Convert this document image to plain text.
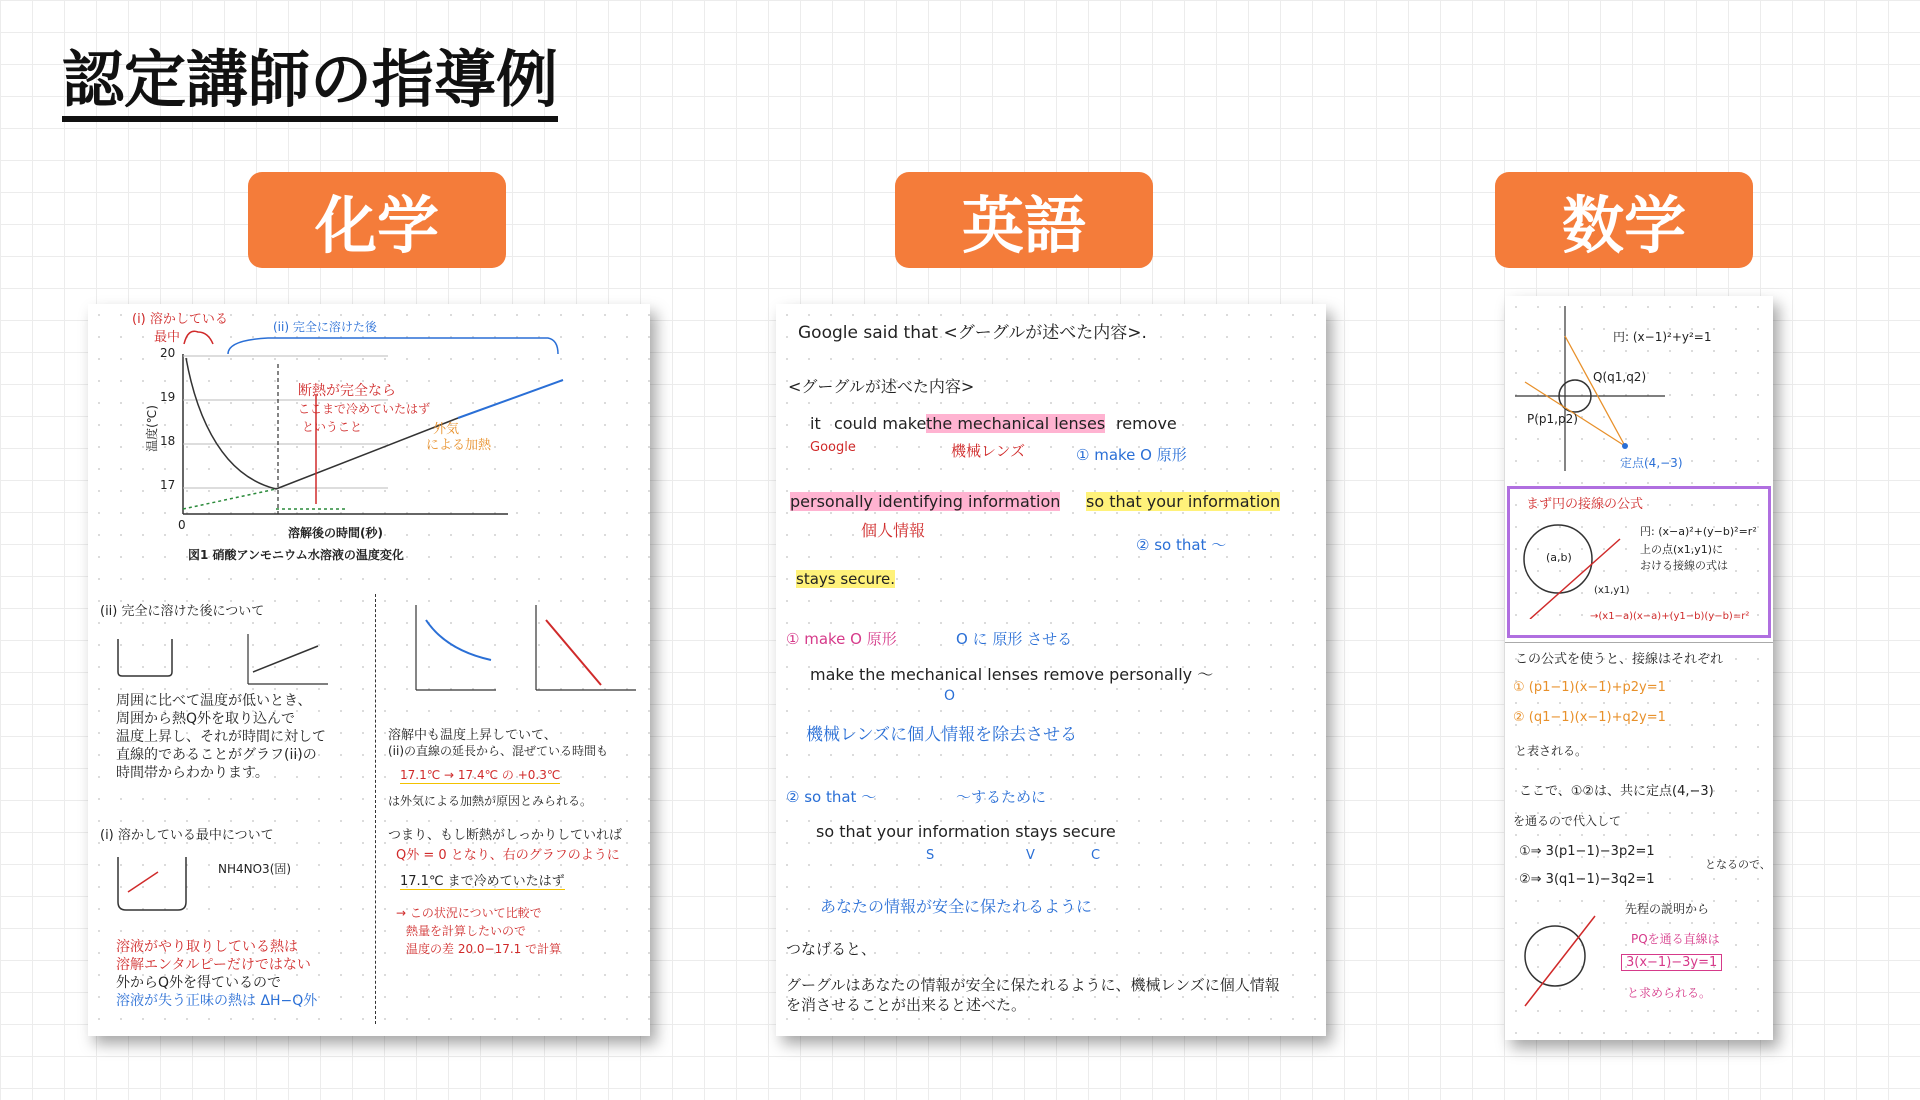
認定講師の指導例
化学	英語	数学
(i) 溶かしている
最中
(ii) 完全に溶けた後
断熱が完全なら
ここまで冷めていたはず
ということ	外気
による加熱
温度(℃)
20
19
18
17
0
溶解後の時間(秒)
図1 硝酸アンモニウム水溶液の温度変化
(ii) 完全に溶けた後について
周囲に比べて温度が低いとき、
周囲から熱Q外を取り込んで
温度上昇し、それが時間に対して
直線的であることがグラフ(ii)の
時間帯からわかります。
(i) 溶かしている最中について
NH4NO3(固)
溶液がやり取りしている熱は
溶解エンタルピーだけではない
外からQ外を得ているので
溶液が失う正味の熱は ΔH−Q外
溶解中も温度上昇していて、
(ii)の直線の延長から、混ぜている時間も
17.1℃ → 17.4℃ の +0.3℃
は外気による加熱が原因とみられる。
つまり、もし断熱がしっかりしていれば
Q外 = 0 となり、右のグラフのように
17.1℃ まで冷めていたはず
→ この状況について比較で
熱量を計算したいので
温度の差 20.0−17.1 で計算
Google said that <グーグルが述べた内容>.
<グーグルが述べた内容>
it could make the mechanical lenses remove
Google	機械レンズ	① make O 原形
personally identifying information so that your information
個人情報
② so that 〜
stays secure.
① make O 原形	O に 原形 させる
make the mechanical lenses remove personally 〜
O
機械レンズに個人情報を除去させる
② so that 〜	〜するために
so that your information stays secure
S	V	C
あなたの情報が安全に保たれるように
つなげると、
グーグルはあなたの情報が安全に保たれるように、機械レンズに個人情報
を消させることが出来ると述べた。
円: (x−1)²+y²=1
Q(q1,q2)
P(p1,p2)
定点(4,−3)
まず円の接線の公式
(a,b)
(x1,y1)
円: (x−a)²+(y−b)²=r²
上の点(x1,y1)に
おける接線の式は
→(x1−a)(x−a)+(y1−b)(y−b)=r²
この公式を使うと、接線はそれぞれ
① (p1−1)(x−1)+p2y=1
② (q1−1)(x−1)+q2y=1
と表される。
ここで、①②は、共に定点(4,−3)
を通るので代入して
①⇒ 3(p1−1)−3p2=1
②⇒ 3(q1−1)−3q2=1
となるので、
先程の説明から
PQを通る直線は
3(x−1)−3y=1
と求められる。
